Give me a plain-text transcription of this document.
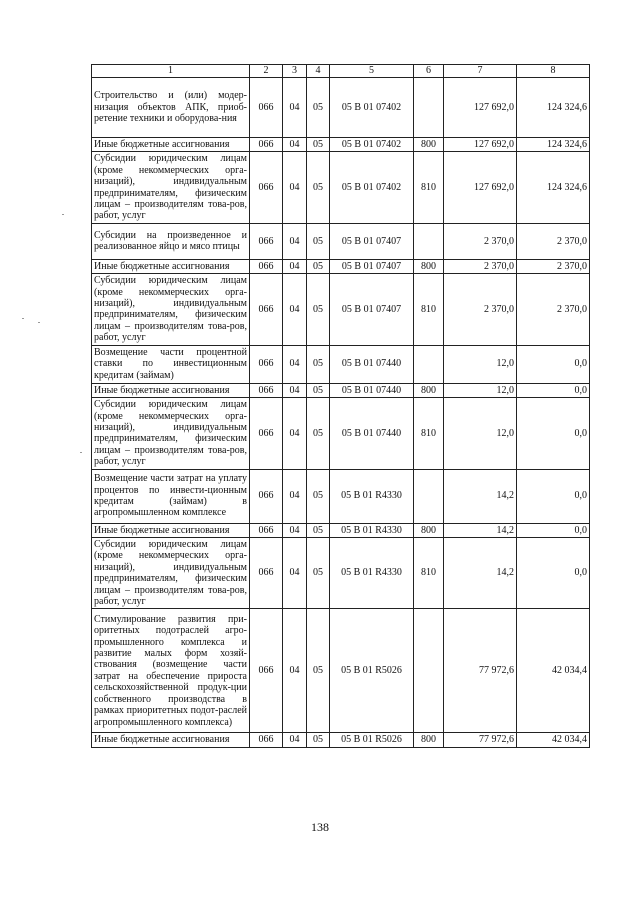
1	2	3	4	5	6	7	8
Строительство и (или) модер-низация объектов АПК, приоб-ретение техники и оборудова-ния	066	04	05	05 В 01 07402		127 692,0	124 324,6
Иные бюджетные ассигнования	066	04	05	05 В 01 07402	800	127 692,0	124 324,6
Субсидии юридическим лицам (кроме некоммерческих орга-низаций), индивидуальным предпринимателям, физическим лицам – производителям това-ров, работ, услуг	066	04	05	05 В 01 07402	810	127 692,0	124 324,6
Субсидии на произведенное и реализованное яйцо и мясо птицы	066	04	05	05 В 01 07407		2 370,0	2 370,0
Иные бюджетные ассигнования	066	04	05	05 В 01 07407	800	2 370,0	2 370,0
Субсидии юридическим лицам (кроме некоммерческих орга-низаций), индивидуальным предпринимателям, физическим лицам – производителям това-ров, работ, услуг	066	04	05	05 В 01 07407	810	2 370,0	2 370,0
Возмещение части процентной ставки по инвестиционным кредитам (займам)	066	04	05	05 В 01 07440		12,0	0,0
Иные бюджетные ассигнования	066	04	05	05 В 01 07440	800	12,0	0,0
Субсидии юридическим лицам (кроме некоммерческих орга-низаций), индивидуальным предпринимателям, физическим лицам – производителям това-ров, работ, услуг	066	04	05	05 В 01 07440	810	12,0	0,0
Возмещение части затрат на уплату процентов по инвести-ционным кредитам (займам) в агропромышленном комплексе	066	04	05	05 В 01 R4330		14,2	0,0
Иные бюджетные ассигнования	066	04	05	05 В 01 R4330	800	14,2	0,0
Субсидии юридическим лицам (кроме некоммерческих орга-низаций), индивидуальным предпринимателям, физическим лицам – производителям това-ров, работ, услуг	066	04	05	05 В 01 R4330	810	14,2	0,0
Стимулирование развития при-оритетных подотраслей агро-промышленного комплекса и развитие малых форм хозяй-ствования (возмещение части затрат на обеспечение прироста сельскохозяйственной продук-ции собственного производства в рамках приоритетных подот-раслей агропромышленного комплекса)	066	04	05	05 В 01 R5026		77 972,6	42 034,4
Иные бюджетные ассигнования	066	04	05	05 В 01 R5026	800	77 972,6	42 034,4
138
